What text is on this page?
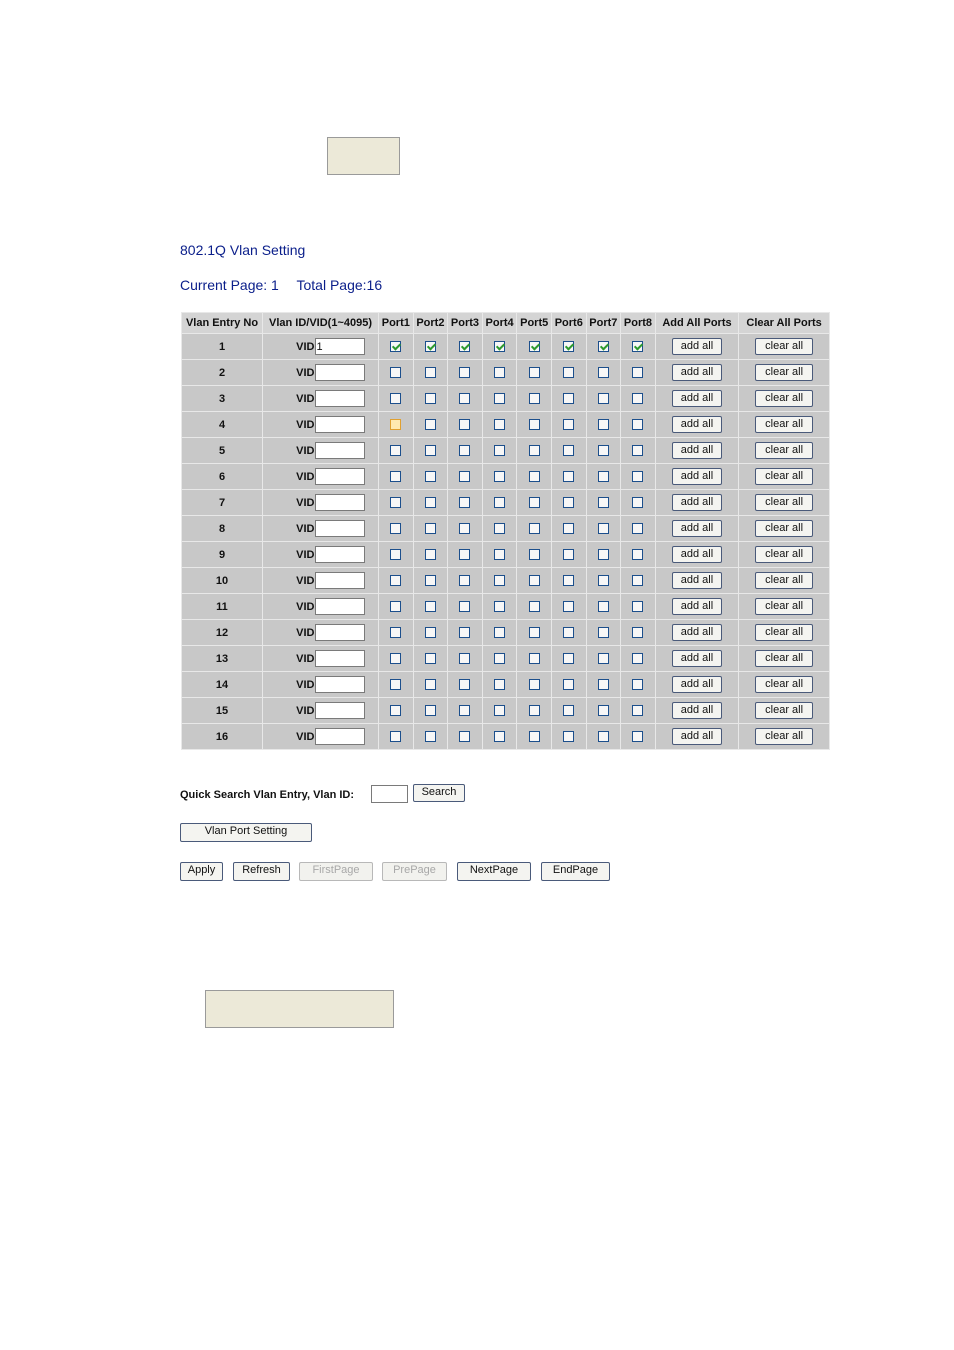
802.1Q Vlan Setting
Current Page: 1 Total Page:16
Vlan Entry No	Vlan ID/VID(1~4095)	Port1	Port2	Port3	Port4	Port5	Port6	Port7	Port8	Add All Ports	Clear All Ports
1	VID 1									add all	clear all
2	VID									add all	clear all
3	VID									add all	clear all
4	VID									add all	clear all
5	VID									add all	clear all
6	VID									add all	clear all
7	VID									add all	clear all
8	VID									add all	clear all
9	VID									add all	clear all
10	VID									add all	clear all
11	VID									add all	clear all
12	VID									add all	clear all
13	VID									add all	clear all
14	VID									add all	clear all
15	VID									add all	clear all
16	VID									add all	clear all
Quick Search Vlan Entry, Vlan ID:	Search
Vlan Port Setting
Apply	Refresh	FirstPage	PrePage	NextPage	EndPage
